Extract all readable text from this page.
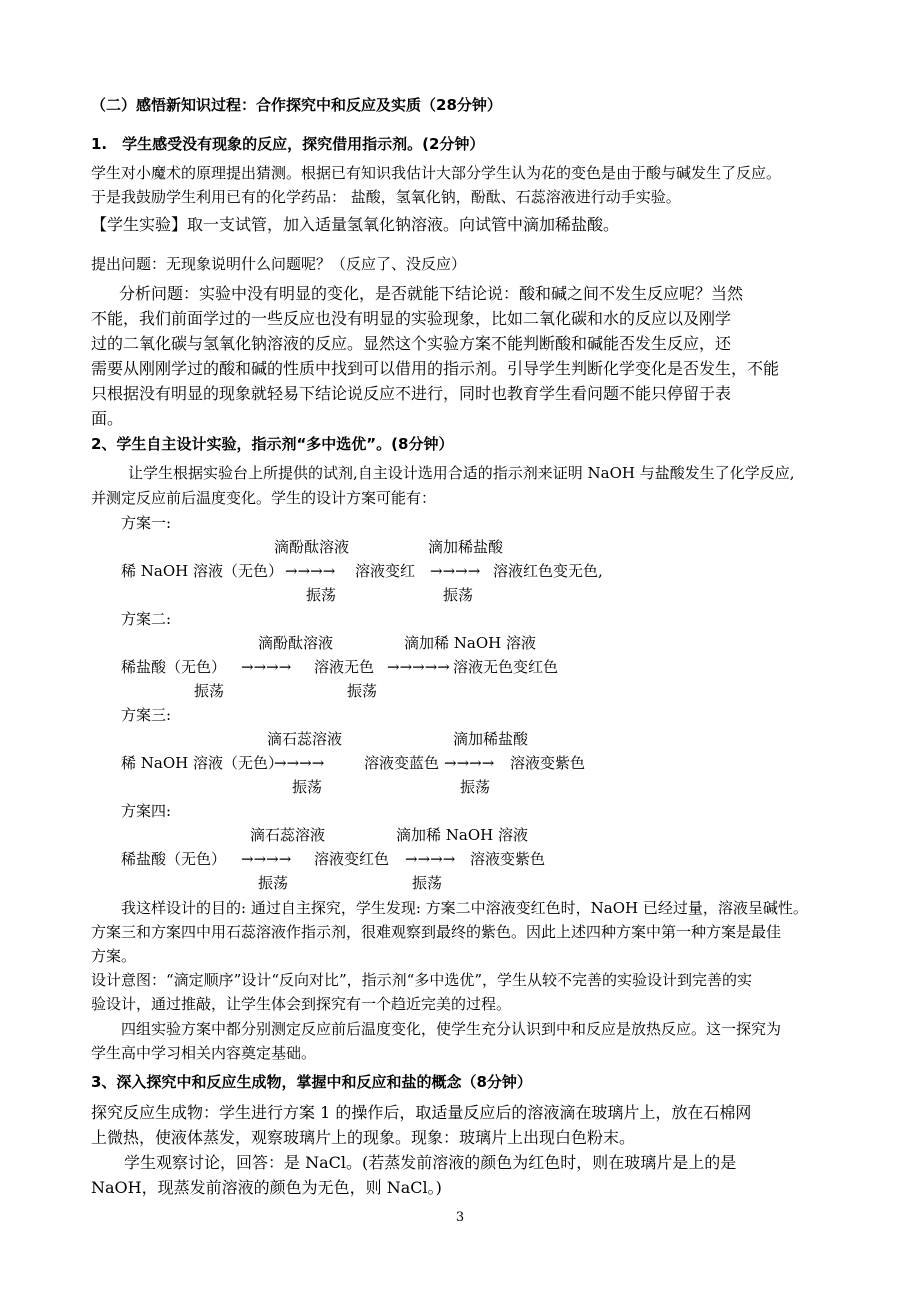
（二）感悟新知识过程：合作探究中和反应及实质（28分钟）
1.　学生感受没有现象的反应，探究借用指示剂。(2分钟）
学生对小魔术的原理提出猜测。根据已有知识我估计大部分学生认为花的变色是由于酸与碱发生了反应。
于是我鼓励学生利用已有的化学药品： 盐酸，氢氧化钠，酚酞、石蕊溶液进行动手实验。
【学生实验】取一支试管，加入适量氢氧化钠溶液。向试管中滴加稀盐酸。
提出问题：无现象说明什么问题呢？（反应了、没反应）
分析问题：实验中没有明显的变化，是否就能下结论说：酸和碱之间不发生反应呢？当然
不能，我们前面学过的一些反应也没有明显的实验现象，比如二氧化碳和水的反应以及刚学
过的二氧化碳与氢氧化钠溶液的反应。显然这个实验方案不能判断酸和碱能否发生反应，还
需要从刚刚学过的酸和碱的性质中找到可以借用的指示剂。引导学生判断化学变化是否发生，不能
只根据没有明显的现象就轻易下结论说反应不进行，同时也教育学生看问题不能只停留于表
面。
2、学生自主设计实验，指示剂“多中选优”。(8分钟）
让学生根据实验台上所提供的试剂,自主设计选用合适的指示剂来证明 NaOH 与盐酸发生了化学反应,
并测定反应前后温度变化。学生的设计方案可能有：
方案一:
滴酚酞溶液	滴加稀盐酸
稀 NaOH 溶液（无色） →→→→ 溶液变红 →→→→ 溶液红色变无色,
振荡	振荡
方案二:
滴酚酞溶液	滴加稀 NaOH 溶液
稀盐酸（无色） →→→→ 溶液无色 →→→→→ 溶液无色变红色
振荡	振荡
方案三:
滴石蕊溶液	滴加稀盐酸
稀 NaOH 溶液（无色）
→→→→	溶液变蓝色 →→→→ 溶液变紫色
振荡	振荡
方案四:
滴石蕊溶液	滴加稀 NaOH 溶液
稀盐酸（无色） →→→→ 溶液变红色 →→→→ 溶液变紫色
振荡	振荡
我这样设计的目的: 通过自主探究，学生发现: 方案二中溶液变红色时，NaOH 已经过量，溶液呈碱性。
方案三和方案四中用石蕊溶液作指示剂，很难观察到最终的紫色。因此上述四种方案中第一种方案是最佳
方案。
设计意图：“滴定顺序”设计“反向对比”，指示剂“多中选优”，学生从较不完善的实验设计到完善的实
验设计，通过推敲，让学生体会到探究有一个趋近完美的过程。
四组实验方案中都分别测定反应前后温度变化，使学生充分认识到中和反应是放热反应。这一探究为
学生高中学习相关内容奠定基础。
3、深入探究中和反应生成物，掌握中和反应和盐的概念（8分钟）
探究反应生成物：学生进行方案 1 的操作后，取适量反应后的溶液滴在玻璃片上，放在石棉网
上微热，使液体蒸发，观察玻璃片上的现象。现象：玻璃片上出现白色粉末。
学生观察讨论，回答：是 NaCl。(若蒸发前溶液的颜色为红色时，则在玻璃片是上的是
NaOH，现蒸发前溶液的颜色为无色，则 NaCl。)
3
